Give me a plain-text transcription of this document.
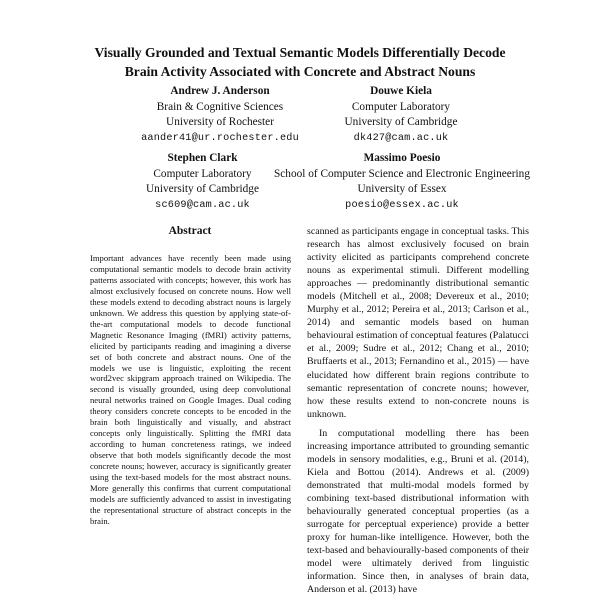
Visually Grounded and Textual Semantic Models Differentially Decode
Brain Activity Associated with Concrete and Abstract Nouns
Andrew J. Anderson
Brain & Cognitive Sciences
University of Rochester
aander41@ur.rochester.edu
Douwe Kiela
Computer Laboratory
University of Cambridge
dk427@cam.ac.uk
Stephen Clark
Computer Laboratory
University of Cambridge
sc609@cam.ac.uk
Massimo Poesio
School of Computer Science and Electronic Engineering
University of Essex
poesio@essex.ac.uk
Abstract
Important advances have recently been made using computational semantic models to decode brain activity patterns associated with concepts; however, this work has almost exclusively focused on concrete nouns. How well these models extend to decoding abstract nouns is largely unknown. We address this question by applying state-of-the-art computational models to decode functional Magnetic Resonance Imaging (fMRI) activity patterns, elicited by participants reading and imagining a diverse set of both concrete and abstract nouns. One of the models we use is linguistic, exploiting the recent word2vec skipgram approach trained on Wikipedia. The second is visually grounded, using deep convolutional neural networks trained on Google Images. Dual coding theory considers concrete concepts to be encoded in the brain both linguistically and visually, and abstract concepts only linguistically. Splitting the fMRI data according to human concreteness ratings, we indeed observe that both models significantly decode the most concrete nouns; however, accuracy is significantly greater using the text-based models for the most abstract nouns. More generally this confirms that current computational models are sufficiently advanced to assist in investigating the representational structure of abstract concepts in the brain.

scanned as participants engage in conceptual tasks. This research has almost exclusively focused on brain activity elicited as participants comprehend concrete nouns as experimental stimuli. Different modelling approaches — predominantly distributional semantic models (Mitchell et al., 2008; Devereux et al., 2010; Murphy et al., 2012; Pereira et al., 2013; Carlson et al., 2014) and semantic models based on human behavioural estimation of conceptual features (Palatucci et al., 2009; Sudre et al., 2012; Chang et al., 2010; Bruffaerts et al., 2013; Fernandino et al., 2015) — have elucidated how different brain regions contribute to semantic representation of concrete nouns; however, how these results extend to non-concrete nouns is unknown.

In computational modelling there has been increasing importance attributed to grounding semantic models in sensory modalities, e.g., Bruni et al. (2014), Kiela and Bottou (2014). Andrews et al. (2009) demonstrated that multi-modal models formed by combining text-based distributional information with behaviourally generated conceptual properties (as a surrogate for perceptual experience) provide a better proxy for human-like intelligence. However, both the text-based and behaviourally-based components of their model were ultimately derived from linguistic information. Since then, in analyses of brain data, Anderson et al. (2013) have
